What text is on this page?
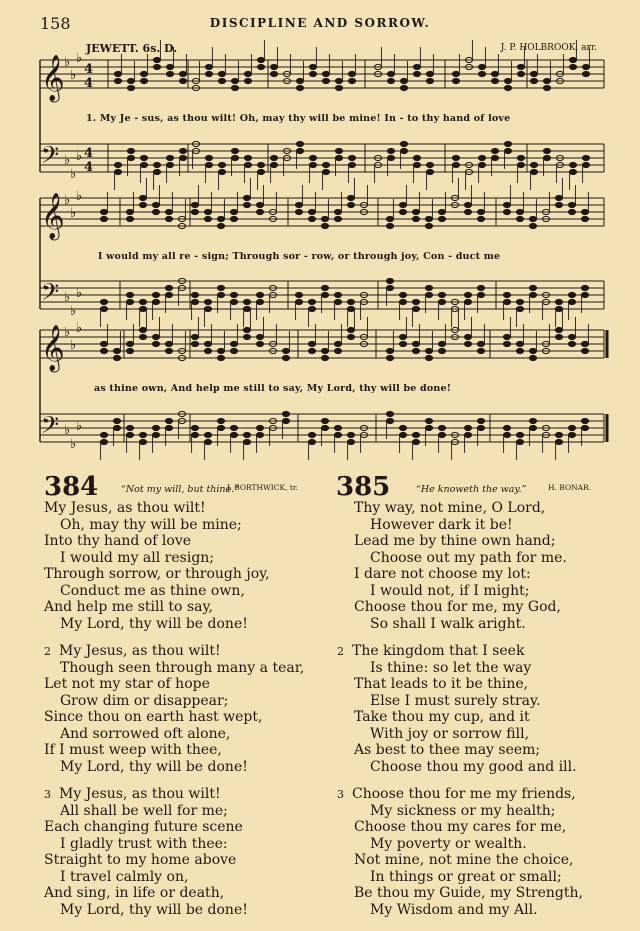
158	DISCIPLINE AND SORROW.
JEWETT. 6s. D.	J. P. HOLBROOK, arr.
𝄞 ♭
♭
♭
4
4
𝄢 ♭
♭
♭ 4
4
𝄞 ♭
♭
♭
𝄢 ♭
♭
♭
𝄞 ♭
♭
♭
𝄢 ♭
♭
♭
1. My Je - sus, as thou wilt! Oh, may thy will be mine! In - to thy hand of love
I would my all re - sign; Through sor - row, or through joy, Con - duct me
as thine own, And help me still to say, My Lord, thy will be done!
384 “Not my will, but thine.”
J. BORTHWICK, tr.
My Jesus, as thou wilt!
Oh, may thy will be mine;
Into thy hand of love
I would my all resign;
Through sorrow, or through joy,
Conduct me as thine own,
And help me still to say,
My Lord, thy will be done!
2 My Jesus, as thou wilt!
Though seen through many a tear,
Let not my star of hope
Grow dim or disappear;
Since thou on earth hast wept,
And sorrowed oft alone,
If I must weep with thee,
My Lord, thy will be done!
3 My Jesus, as thou wilt!
All shall be well for me;
Each changing future scene
I gladly trust with thee:
Straight to my home above
I travel calmly on,
And sing, in life or death,
My Lord, thy will be done!
385	“He knoweth the way.”	H. BONAR.
Thy way, not mine, O Lord,
However dark it be!
Lead me by thine own hand;
Choose out my path for me.
I dare not choose my lot:
I would not, if I might;
Choose thou for me, my God,
So shall I walk aright.
2 The kingdom that I seek
Is thine: so let the way
That leads to it be thine,
Else I must surely stray.
Take thou my cup, and it
With joy or sorrow fill,
As best to thee may seem;
Choose thou my good and ill.
3 Choose thou for me my friends,
My sickness or my health;
Choose thou my cares for me,
My poverty or wealth.
Not mine, not mine the choice,
In things or great or small;
Be thou my Guide, my Strength,
My Wisdom and my All.
